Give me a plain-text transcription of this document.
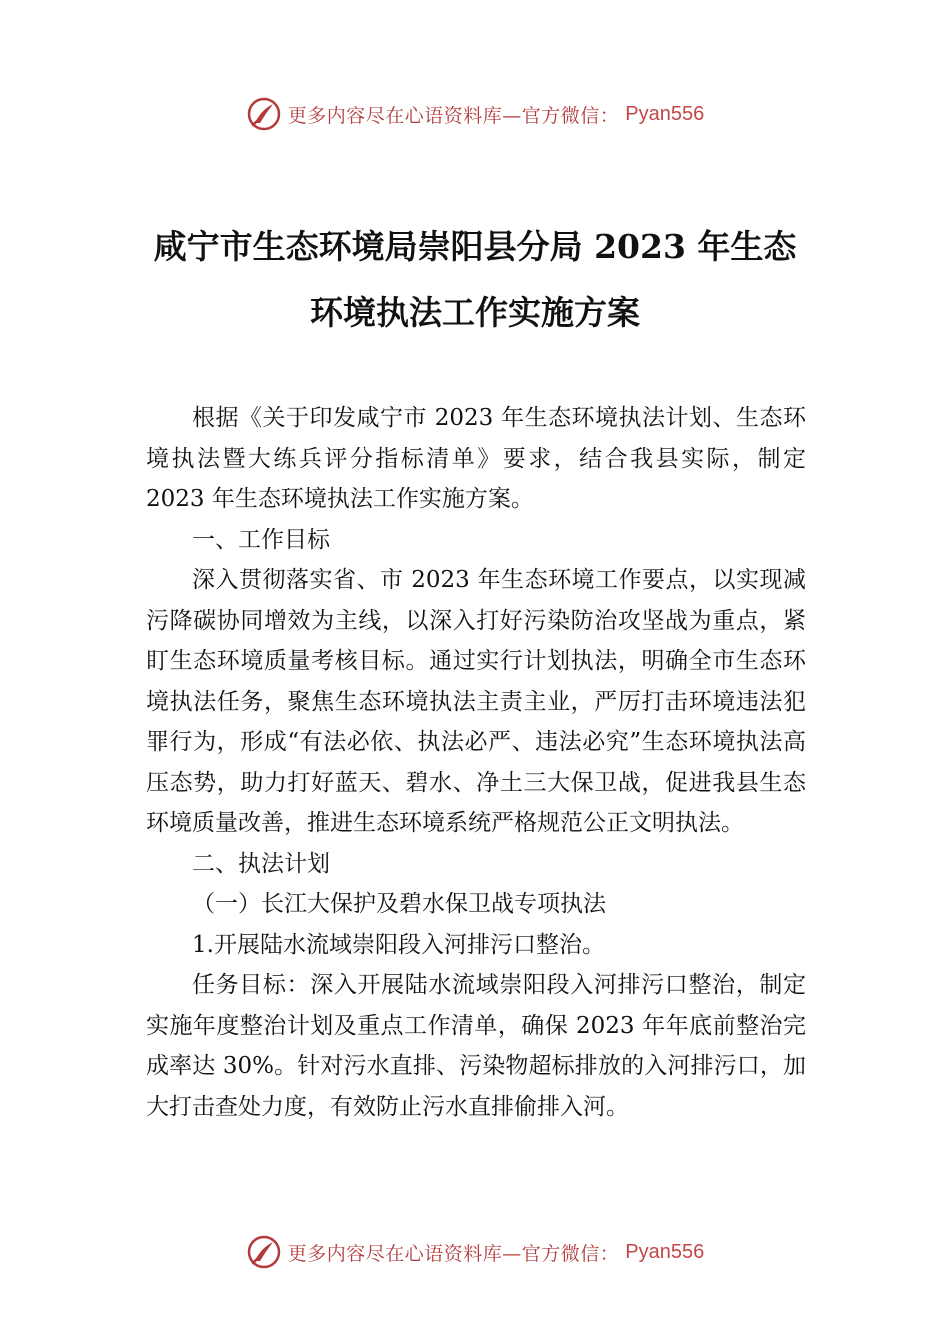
更多内容尽在心语资料库—官方微信： Pyan556
咸宁市生态环境局崇阳县分局 2023 年生态
环境执法工作实施方案

根据《关于印发咸宁市 2023 年生态环境执法计划、生态环境执法暨大练兵评分指标清单》要求，结合我县实际，制定 2023 年生态环境执法工作实施方案。

一、工作目标

深入贯彻落实省、市 2023 年生态环境工作要点，以实现减污降碳协同增效为主线，以深入打好污染防治攻坚战为重点，紧盯生态环境质量考核目标。通过实行计划执法，明确全市生态环境执法任务，聚焦生态环境执法主责主业，严厉打击环境违法犯罪行为，形成“有法必依、执法必严、违法必究”生态环境执法高压态势，助力打好蓝天、碧水、净土三大保卫战，促进我县生态环境质量改善，推进生态环境系统严格规范公正文明执法。

二、执法计划

（一）长江大保护及碧水保卫战专项执法

1.开展陆水流域崇阳段入河排污口整治。

任务目标：深入开展陆水流域崇阳段入河排污口整治，制定实施年度整治计划及重点工作清单，确保 2023 年年底前整治完成率达 30%。针对污水直排、污染物超标排放的入河排污口，加大打击查处力度，有效防止污水直排偷排入河。

更多内容尽在心语资料库—官方微信： Pyan556
